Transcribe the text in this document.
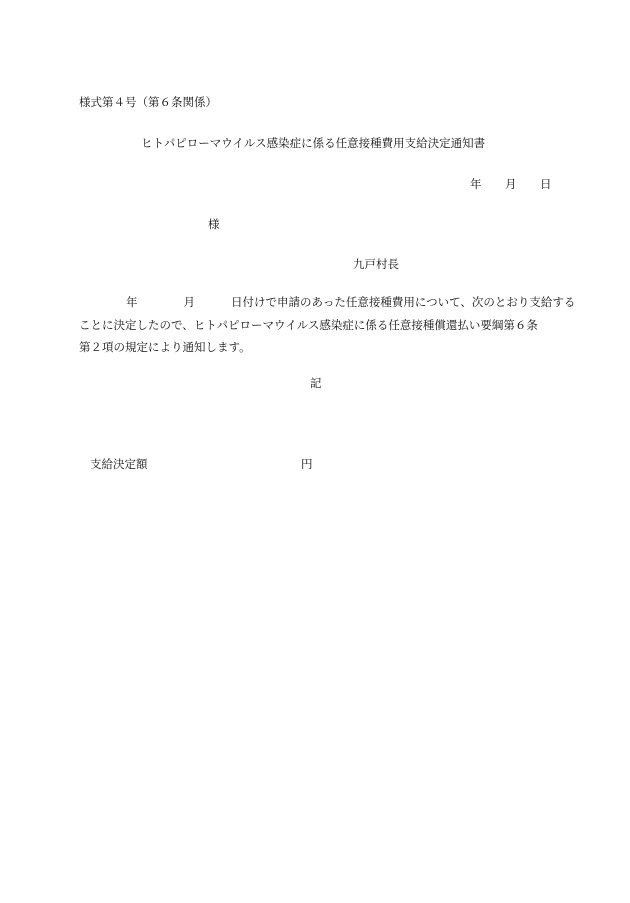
様式第４号（第６条関係）
ヒトパピローマウイルス感染症に係る任意接種費用支給決定通知書
年 月 日
様
九戸村長
年	月	日付けで申請のあった任意接種費用について、次のとおり支給する
ことに決定したので、ヒトパピローマウイルス感染症に係る任意接種償還払い要綱第６条
第２項の規定により通知します。
記
支給決定額	円
